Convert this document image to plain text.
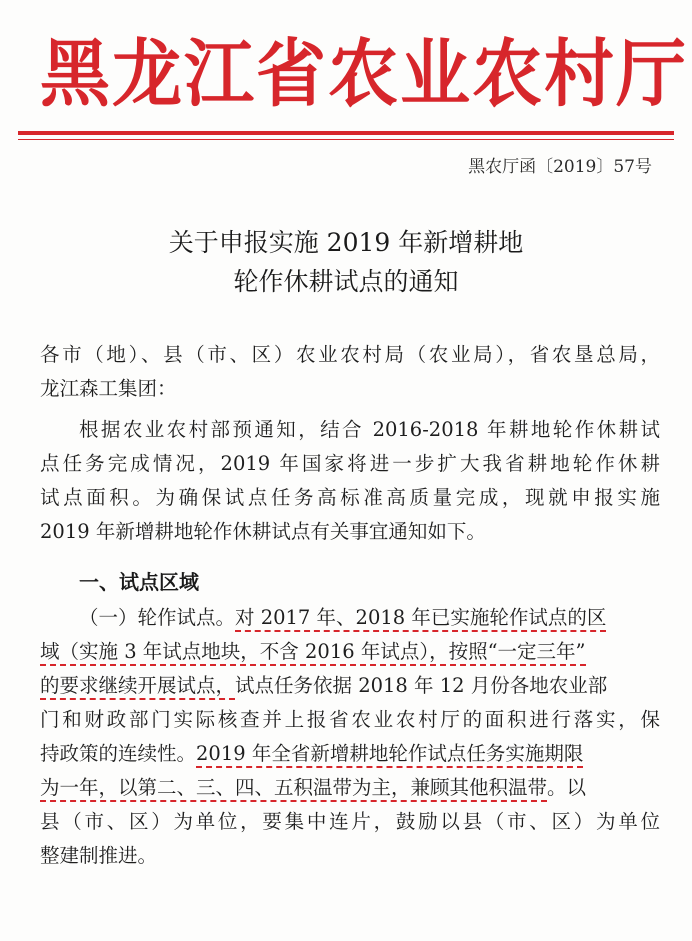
黑龙江省农业农村厅
黑农厅函〔2019〕57号
关于申报实施 2019 年新增耕地
轮作休耕试点的通知
各市（地）、县（市、区）农业农村局（农业局），省农垦总局，
龙江森工集团：
根据农业农村部预通知，结合 2016-2018 年耕地轮作休耕试
点任务完成情况，2019 年国家将进一步扩大我省耕地轮作休耕
试点面积。为确保试点任务高标准高质量完成，现就申报实施
2019 年新增耕地轮作休耕试点有关事宜通知如下。
一、试点区域
（一）轮作试点。对 2017 年、2018 年已实施轮作试点的区
域（实施 3 年试点地块，不含 2016 年试点），按照“一定三年”
的要求继续开展试点，试点任务依据 2018 年 12 月份各地农业部
门和财政部门实际核查并上报省农业农村厅的面积进行落实，保
持政策的连续性。2019 年全省新增耕地轮作试点任务实施期限
为一年，以第二、三、四、五积温带为主，兼顾其他积温带。以
县（市、区）为单位，要集中连片，鼓励以县（市、区）为单位
整建制推进。
